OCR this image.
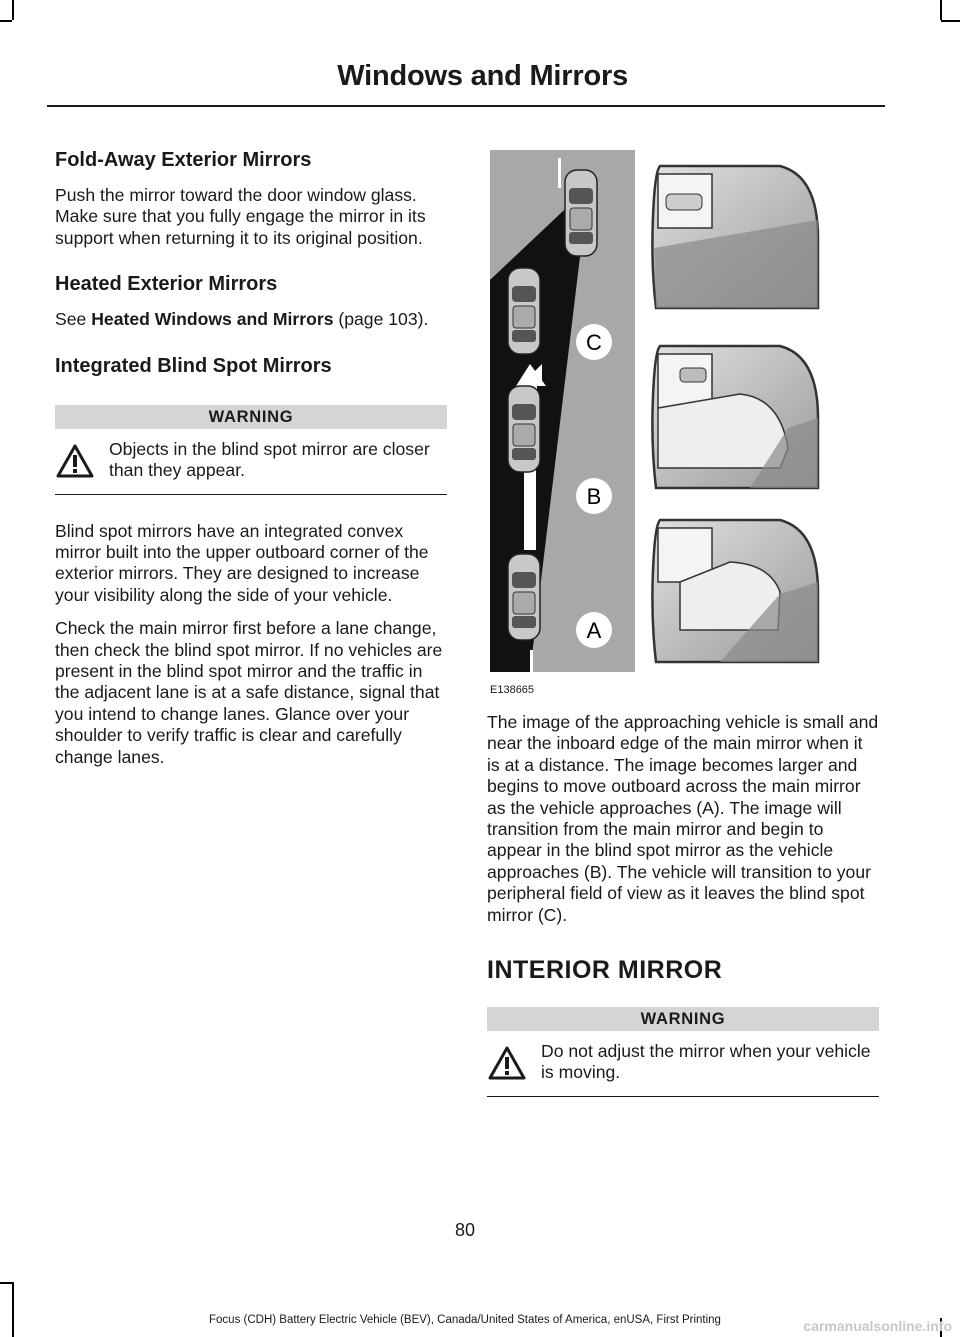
Windows and Mirrors
Fold-Away Exterior Mirrors

Push the mirror toward the door window glass. Make sure that you fully engage the mirror in its support when returning it to its original position.

Heated Exterior Mirrors

See Heated Windows and Mirrors (page 103).

Integrated Blind Spot Mirrors
WARNING
Objects in the blind spot mirror are closer than they appear.

Blind spot mirrors have an integrated convex mirror built into the upper outboard corner of the exterior mirrors. They are designed to increase your visibility along the side of your vehicle.

Check the main mirror first before a lane change, then check the blind spot mirror. If no vehicles are present in the blind spot mirror and the traffic in the adjacent lane is at a safe distance, signal that you intend to change lanes. Glance over your shoulder to verify traffic is clear and carefully change lanes.

C
B
A
E138665

The image of the approaching vehicle is small and near the inboard edge of the main mirror when it is at a distance. The image becomes larger and begins to move outboard across the main mirror as the vehicle approaches (A). The image will transition from the main mirror and begin to appear in the blind spot mirror as the vehicle approaches (B). The vehicle will transition to your peripheral field of view as it leaves the blind spot mirror (C).

INTERIOR MIRROR
WARNING
Do not adjust the mirror when your vehicle is moving.
80
Focus (CDH) Battery Electric Vehicle (BEV), Canada/United States of America, enUSA, First Printing	carmanualsonline.info
